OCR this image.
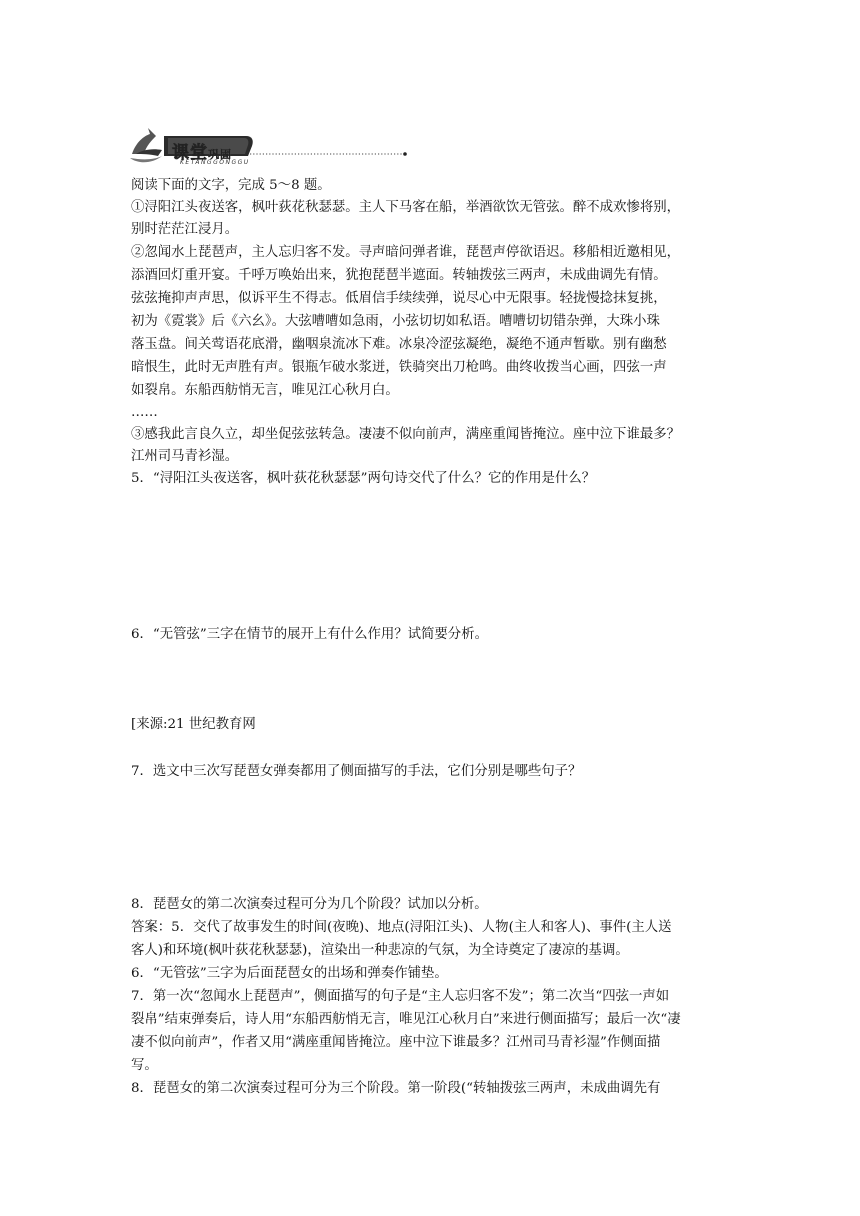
课堂巩固
KETANGGONGGU
阅读下面的文字，完成 5～8 题。
①浔阳江头夜送客，枫叶荻花秋瑟瑟。主人下马客在船，举酒欲饮无管弦。醉不成欢惨将别，
别时茫茫江浸月。
②忽闻水上琵琶声，主人忘归客不发。寻声暗问弹者谁，琵琶声停欲语迟。移船相近邀相见，
添酒回灯重开宴。千呼万唤始出来，犹抱琵琶半遮面。转轴拨弦三两声，未成曲调先有情。
弦弦掩抑声声思，似诉平生不得志。低眉信手续续弹，说尽心中无限事。轻拢慢捻抹复挑，
初为《霓裳》后《六幺》。大弦嘈嘈如急雨，小弦切切如私语。嘈嘈切切错杂弹，大珠小珠
落玉盘。间关莺语花底滑，幽咽泉流冰下难。冰泉冷涩弦凝绝，凝绝不通声暂歇。别有幽愁
暗恨生，此时无声胜有声。银瓶乍破水浆迸，铁骑突出刀枪鸣。曲终收拨当心画，四弦一声
如裂帛。东船西舫悄无言，唯见江心秋月白。
……
③感我此言良久立，却坐促弦弦转急。凄凄不似向前声，满座重闻皆掩泣。座中泣下谁最多？
江州司马青衫湿。
5．“浔阳江头夜送客，枫叶荻花秋瑟瑟”两句诗交代了什么？它的作用是什么？
6．“无管弦”三字在情节的展开上有什么作用？试简要分析。
[来源:21 世纪教育网
7．选文中三次写琵琶女弹奏都用了侧面描写的手法，它们分别是哪些句子？
8．琵琶女的第二次演奏过程可分为几个阶段？试加以分析。
答案：5．交代了故事发生的时间(夜晚)、地点(浔阳江头)、人物(主人和客人)、事件(主人送
客人)和环境(枫叶荻花秋瑟瑟)，渲染出一种悲凉的气氛，为全诗奠定了凄凉的基调。
6．“无管弦”三字为后面琵琶女的出场和弹奏作铺垫。
7．第一次“忽闻水上琵琶声”，侧面描写的句子是“主人忘归客不发”；第二次当“四弦一声如
裂帛”结束弹奏后，诗人用“东船西舫悄无言，唯见江心秋月白”来进行侧面描写；最后一次“凄
凄不似向前声”，作者又用“满座重闻皆掩泣。座中泣下谁最多？江州司马青衫湿”作侧面描
写。
8．琵琶女的第二次演奏过程可分为三个阶段。第一阶段(“转轴拨弦三两声，未成曲调先有
